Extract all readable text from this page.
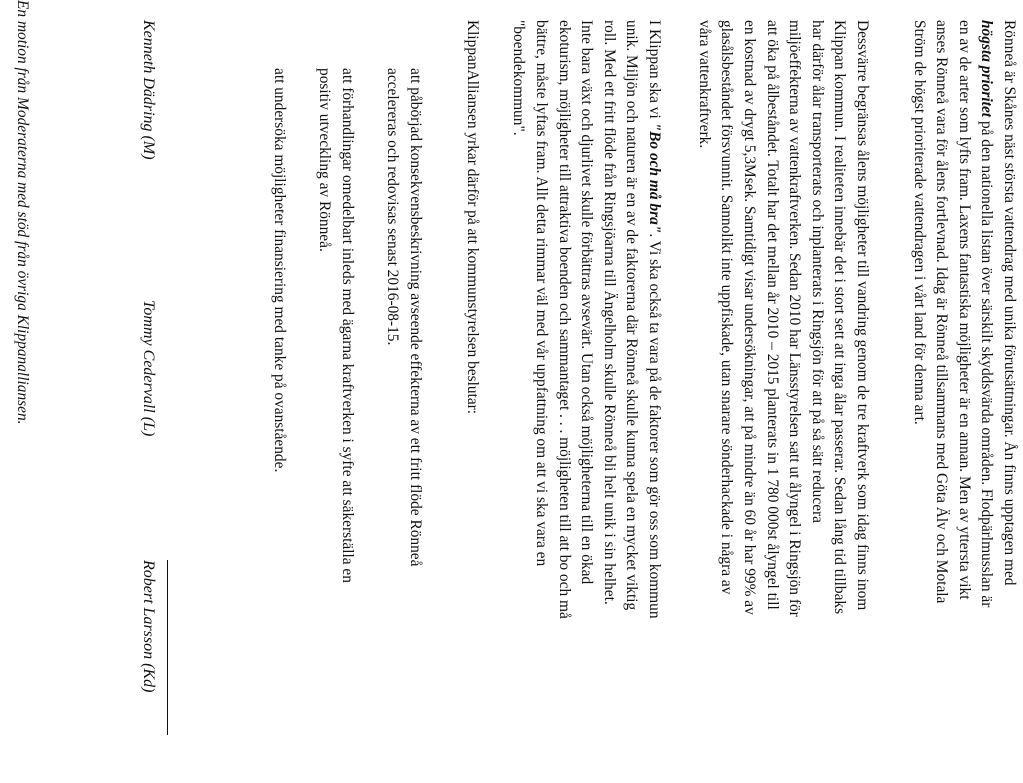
Rönneå är Skånes näst största vattendrag med unika förutsättningar. Ån finns upptagen med
högsta prioritet på den nationella listan över särskilt skyddsvärda områden. Flodpärlmusslan är
en av de arter som lyfts fram. Laxens fantastiska möjligheter är en annan. Men av yttersta vikt
anses Rönneå vara för ålens fortlevnad. Idag är Rönneå tillsammans med Göta Älv och Motala
Ström de högst prioriterade vattendragen i vårt land för denna art.
Dessvärre begränsas ålens möjligheter till vandring genom de tre kraftverk som idag finns inom
Klippan kommun. I realiteten innebär det i stort sett att inga ålar passerar. Sedan lång tid tillbaks
har därför ålar transporterats och inplanterats i Ringsjön för att på så sätt reducera
miljöeffekterna av vattenkraftverken. Sedan 2010 har Länsstyrelsen satt ut ålyngel i Ringsjön för
att öka på ålbeståndet. Totalt har det mellan år 2010 – 2015 planterats in 1 780 000st ålyngel till
en kostnad av drygt 5,3Msek. Samtidigt visar undersökningar, att på mindre än 60 år har 99% av
glasålsbeståndet försvunnit. Sannolikt inte uppfiskade, utan snarare sönderhackade i några av
våra vattenkraftverk.
I Klippan ska vi "Bo och må bra". Vi ska också ta vara på de faktorer som gör oss som kommun
unik. Miljön och naturen är en av de faktorerna där Rönneå skulle kunna spela en mycket viktig
roll. Med ett fritt flöde från Ringsjöarna till Ängelholm skulle Rönneå bli helt unik i sin helhet.
Inte bara växt och djurlivet skulle förbättras avsevärt. Utan också möjligheterna till en ökad
ekoturism, möjligheter till attraktiva boenden och sammantaget . . . möjligheten till att bo och må
bättre, måste lyftas fram. Allt detta rimmar väl med vår uppfattning om att vi ska vara en
"boendekommun".
KlippanAlliansen yrkar därför på att kommunstyrelsen beslutar:
att påbörjad konsekvensbeskrivning avseende effekterna av ett fritt flöde Rönneå
accelereras och redovisas senast 2016-08-15.
att förhandlingar omedelbart inleds med ägarna kraftverken i syfte att säkerställa en
positiv utveckling av Rönneå.
att undersöka möjligheter finansiering med tanke på ovanstående.
Kenneth Dädring (M)
Tommy Cedervall (L)
Robert Larsson (Kd)
En motion från Moderaterna med stöd från övriga Klippanalliansen.
